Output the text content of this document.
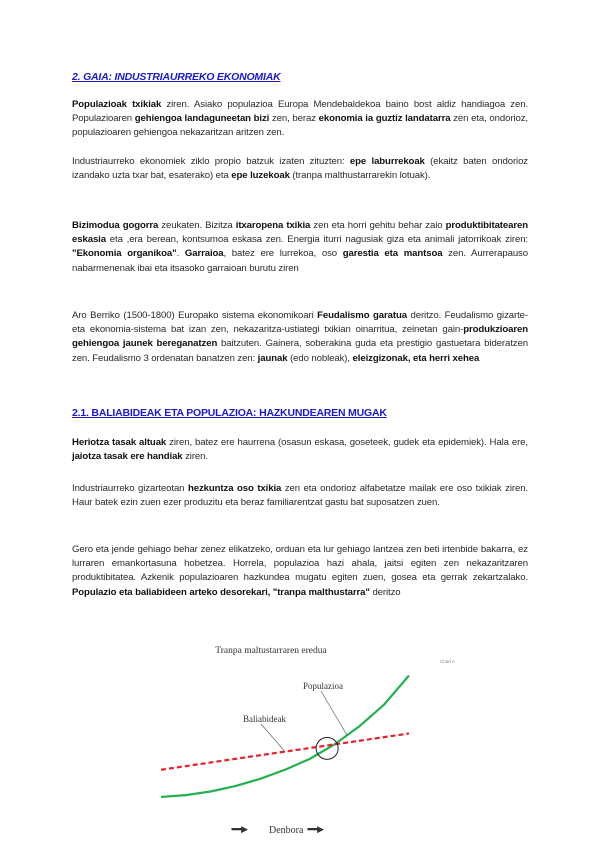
2. GAIA: INDUSTRIAURREKO EKONOMIAK
Populazioak txikiak ziren. Asiako populazioa Europa Mendebaldekoa baino bost aldiz handiagoa zen. Populazioaren gehiengoa landaguneetan bizi zen, beraz ekonomia ia guztiz landatarra zen eta, ondorioz, populazioaren gehiengoa nekazaritzan aritzen zen.
Industriaurreko ekonomiek ziklo propio batzuk izaten zituzten: epe laburrekoak (ekaitz baten ondorioz izandako uzta txar bat, esaterako) eta epe luzekoak (tranpa malthustarrarekin lotuak).
Bizimodua gogorra zeukaten. Bizitza itxaropena txikia zen eta horri gehitu behar zaio produktibitatearen eskasia eta ,era berean, kontsumoa eskasa zen. Energia iturri nagusiak giza eta animali jatorrikoak ziren: "Ekonomia organikoa". Garraioa, batez ere lurrekoa, oso garestia eta mantsoa zen. Aurrerapauso nabarmenenak ibai eta itsasoko garraioan burutu ziren
Aro Berriko (1500-1800) Europako sistema ekonomikoari Feudalismo garatua deritzo. Feudalismo gizarte- eta ekonomia-sistema bat izan zen, nekazaritza-ustiategi txikian oinarritua, zeinetan gain-produkzioaren gehiengoa jaunek bereganatzen baitzuten. Gainera, soberakina guda eta prestigio gastuetara bideratzen zen. Feudalismo 3 ordenatan banatzen zen: jaunak (edo nobleak), eleizgizonak, eta herri xehea
2.1. BALIABIDEAK ETA POPULAZIOA: HAZKUNDEAREN MUGAK
Heriotza tasak altuak ziren, batez ere haurrena (osasun eskasa, goseteek, gudek eta epidemiek). Hala ere, jaiotza tasak ere handiak ziren.
Industriaurreko gizarteotan hezkuntza oso txikia zen eta ondorioz alfabetatze mailak ere oso txikiak ziren. Haur batek ezin zuen ezer produzitu eta beraz familiarentzat gastu bat suposatzen zuen.
Gero eta jende gehiago behar zenez elikatzeko, orduan eta lur gehiago lantzea zen beti irtenbide bakarra, ez lurraren emankortasuna hobetzea. Horrela, populazioa hazi ahala, jaitsi egiten zen nekazaritzaren produktibitatea. Azkenik populazioaren hazkundea mugatu egiten zuen, gosea eta gerrak zekartzalako. Populazio eta baliabideen arteko desorekari, "tranpa malthustarra" deritzo
Tranpa maltustarraren eredua
Chart A
Populazioa
Baliabideak
▪▪▪▪▪▪▶ Denbora ▪▪▪▪▪▪▶
